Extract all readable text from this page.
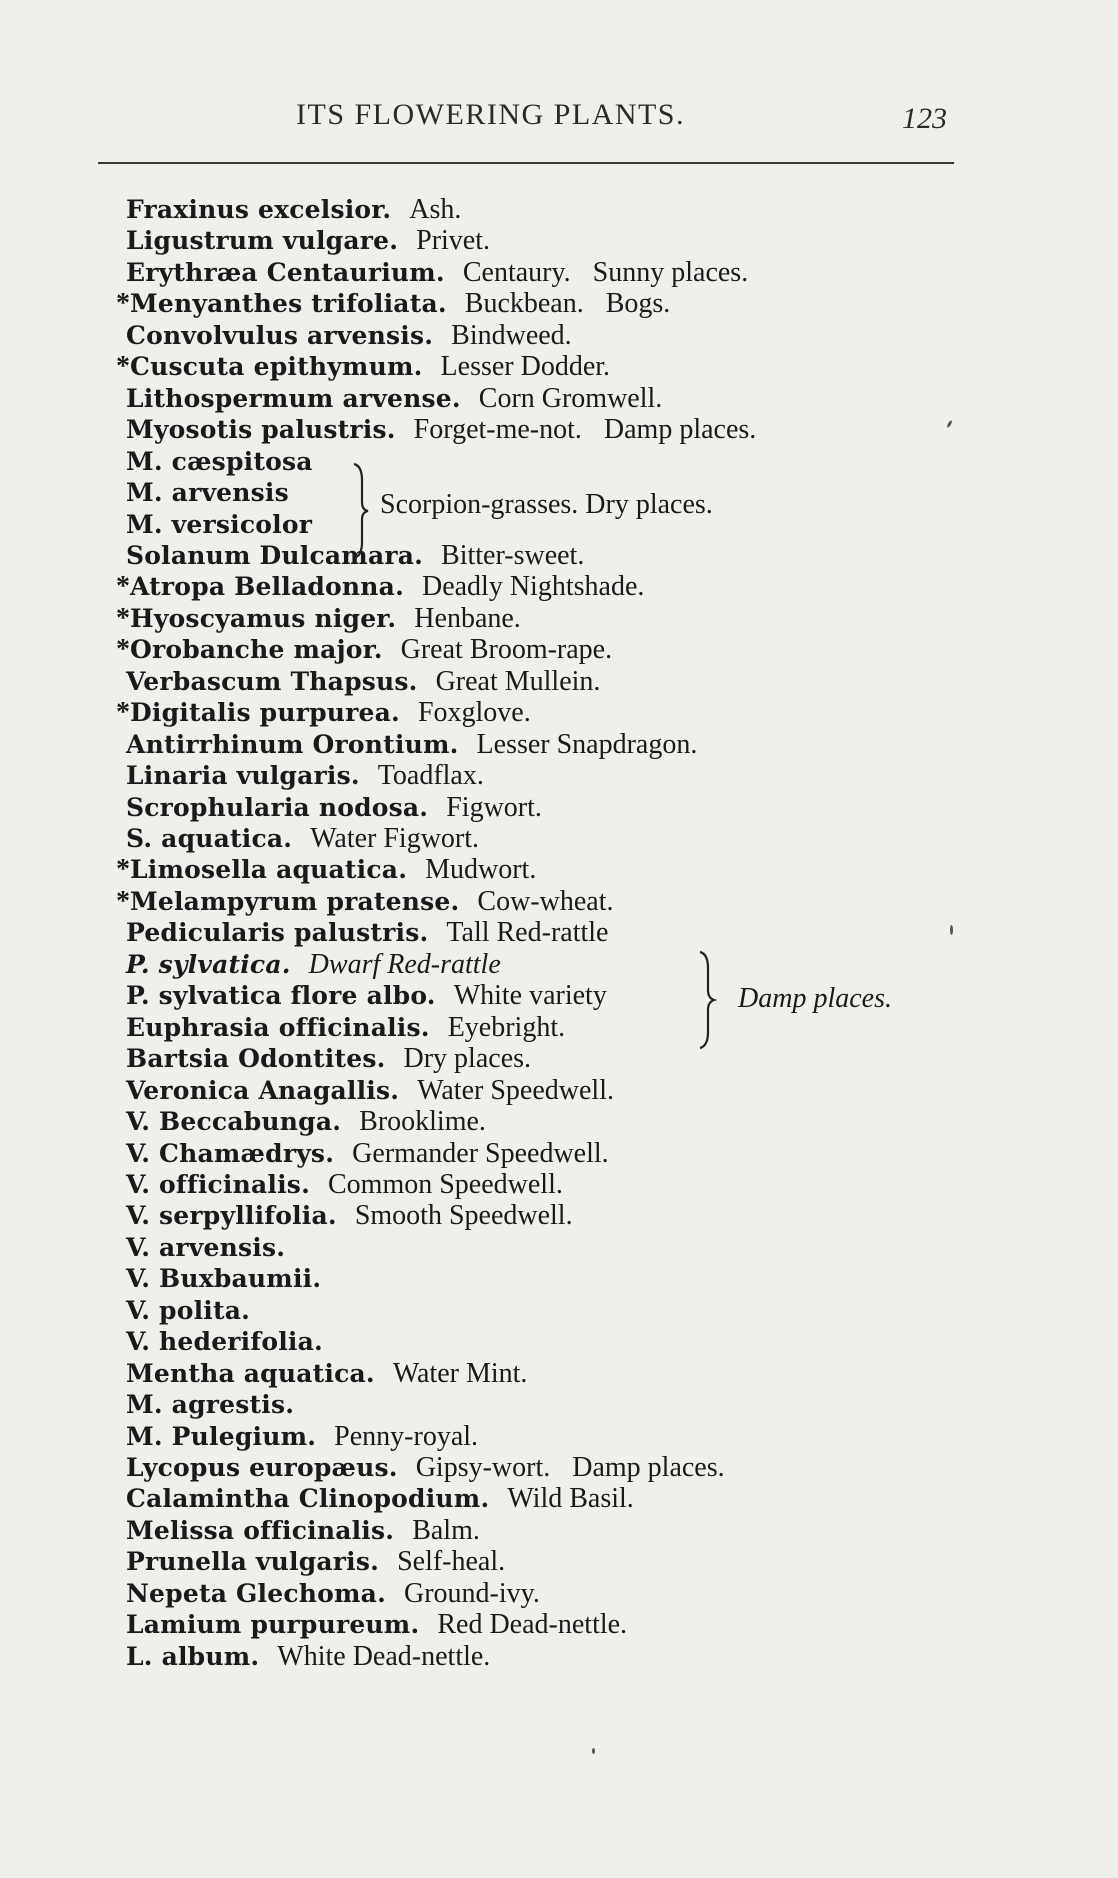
ITS FLOWERING PLANTS.	123
Fraxinus excelsior. Ash.
Ligustrum vulgare. Privet.
Erythræa Centaurium. Centaury. Sunny places.
*Menyanthes trifoliata. Buckbean. Bogs.
Convolvulus arvensis. Bindweed.
*Cuscuta epithymum. Lesser Dodder.
Lithospermum arvense. Corn Gromwell.
Myosotis palustris. Forget-me-not. Damp places.
M. cæspitosa
M. arvensis
M. versicolor
Solanum Dulcamara. Bitter-sweet.
*Atropa Belladonna. Deadly Nightshade.
*Hyoscyamus niger. Henbane.
*Orobanche major. Great Broom-rape.
Verbascum Thapsus. Great Mullein.
*Digitalis purpurea. Foxglove.
Antirrhinum Orontium. Lesser Snapdragon.
Linaria vulgaris. Toadflax.
Scrophularia nodosa. Figwort.
S. aquatica. Water Figwort.
*Limosella aquatica. Mudwort.
*Melampyrum pratense. Cow-wheat.
Pedicularis palustris. Tall Red-rattle
P. sylvatica. Dwarf Red-rattle
P. sylvatica flore albo. White variety
Euphrasia officinalis. Eyebright.
Bartsia Odontites. Dry places.
Veronica Anagallis. Water Speedwell.
V. Beccabunga. Brooklime.
V. Chamædrys. Germander Speedwell.
V. officinalis. Common Speedwell.
V. serpyllifolia. Smooth Speedwell.
V. arvensis.
V. Buxbaumii.
V. polita.
V. hederifolia.
Mentha aquatica. Water Mint.
M. agrestis.
M. Pulegium. Penny-royal.
Lycopus europæus. Gipsy-wort. Damp places.
Calamintha Clinopodium. Wild Basil.
Melissa officinalis. Balm.
Prunella vulgaris. Self-heal.
Nepeta Glechoma. Ground-ivy.
Lamium purpureum. Red Dead-nettle.
L. album. White Dead-nettle.
Scorpion-grasses. Dry places.
Damp places.
